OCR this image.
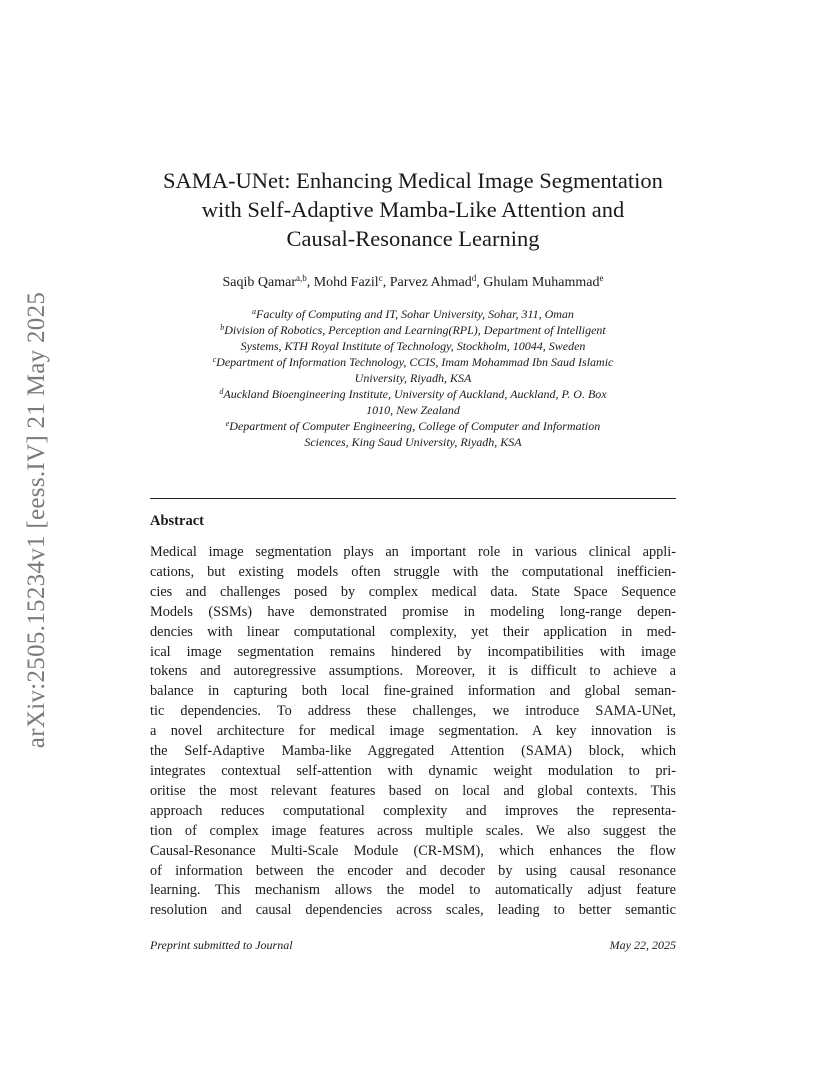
arXiv:2505.15234v1 [eess.IV] 21 May 2025
SAMA-UNet: Enhancing Medical Image Segmentation
with Self-Adaptive Mamba-Like Attention and
Causal-Resonance Learning
Saqib Qamar$^{a,b}$, Mohd Fazil$^c$, Parvez Ahmad$^d$, Ghulam Muhammad$^e$

$^a$Faculty of Computing and IT, Sohar University, Sohar, 311, Oman

$^b$Division of Robotics, Perception and Learning(RPL), Department of Intelligent
Systems, KTH Royal Institute of Technology, Stockholm, 10044, Sweden

$^c$Department of Information Technology, CCIS, Imam Mohammad Ibn Saud Islamic
University, Riyadh, KSA

$^d$Auckland Bioengineering Institute, University of Auckland, Auckland, P. O. Box
1010, New Zealand

$^e$Department of Computer Engineering, College of Computer and Information
Sciences, King Saud University, Riyadh, KSA

Abstract
Medical image segmentation plays an important role in various clinical appli-
cations, but existing models often struggle with the computational inefficien-
cies and challenges posed by complex medical data. State Space Sequence
Models (SSMs) have demonstrated promise in modeling long-range depen-
dencies with linear computational complexity, yet their application in med-
ical image segmentation remains hindered by incompatibilities with image
tokens and autoregressive assumptions. Moreover, it is difficult to achieve a
balance in capturing both local fine-grained information and global seman-
tic dependencies. To address these challenges, we introduce SAMA-UNet,
a novel architecture for medical image segmentation. A key innovation is
the Self-Adaptive Mamba-like Aggregated Attention (SAMA) block, which
integrates contextual self-attention with dynamic weight modulation to pri-
oritise the most relevant features based on local and global contexts. This
approach reduces computational complexity and improves the representa-
tion of complex image features across multiple scales. We also suggest the
Causal-Resonance Multi-Scale Module (CR-MSM), which enhances the flow
of information between the encoder and decoder by using causal resonance
learning. This mechanism allows the model to automatically adjust feature
resolution and causal dependencies across scales, leading to better semantic
Preprint submitted to Journal	May 22, 2025
